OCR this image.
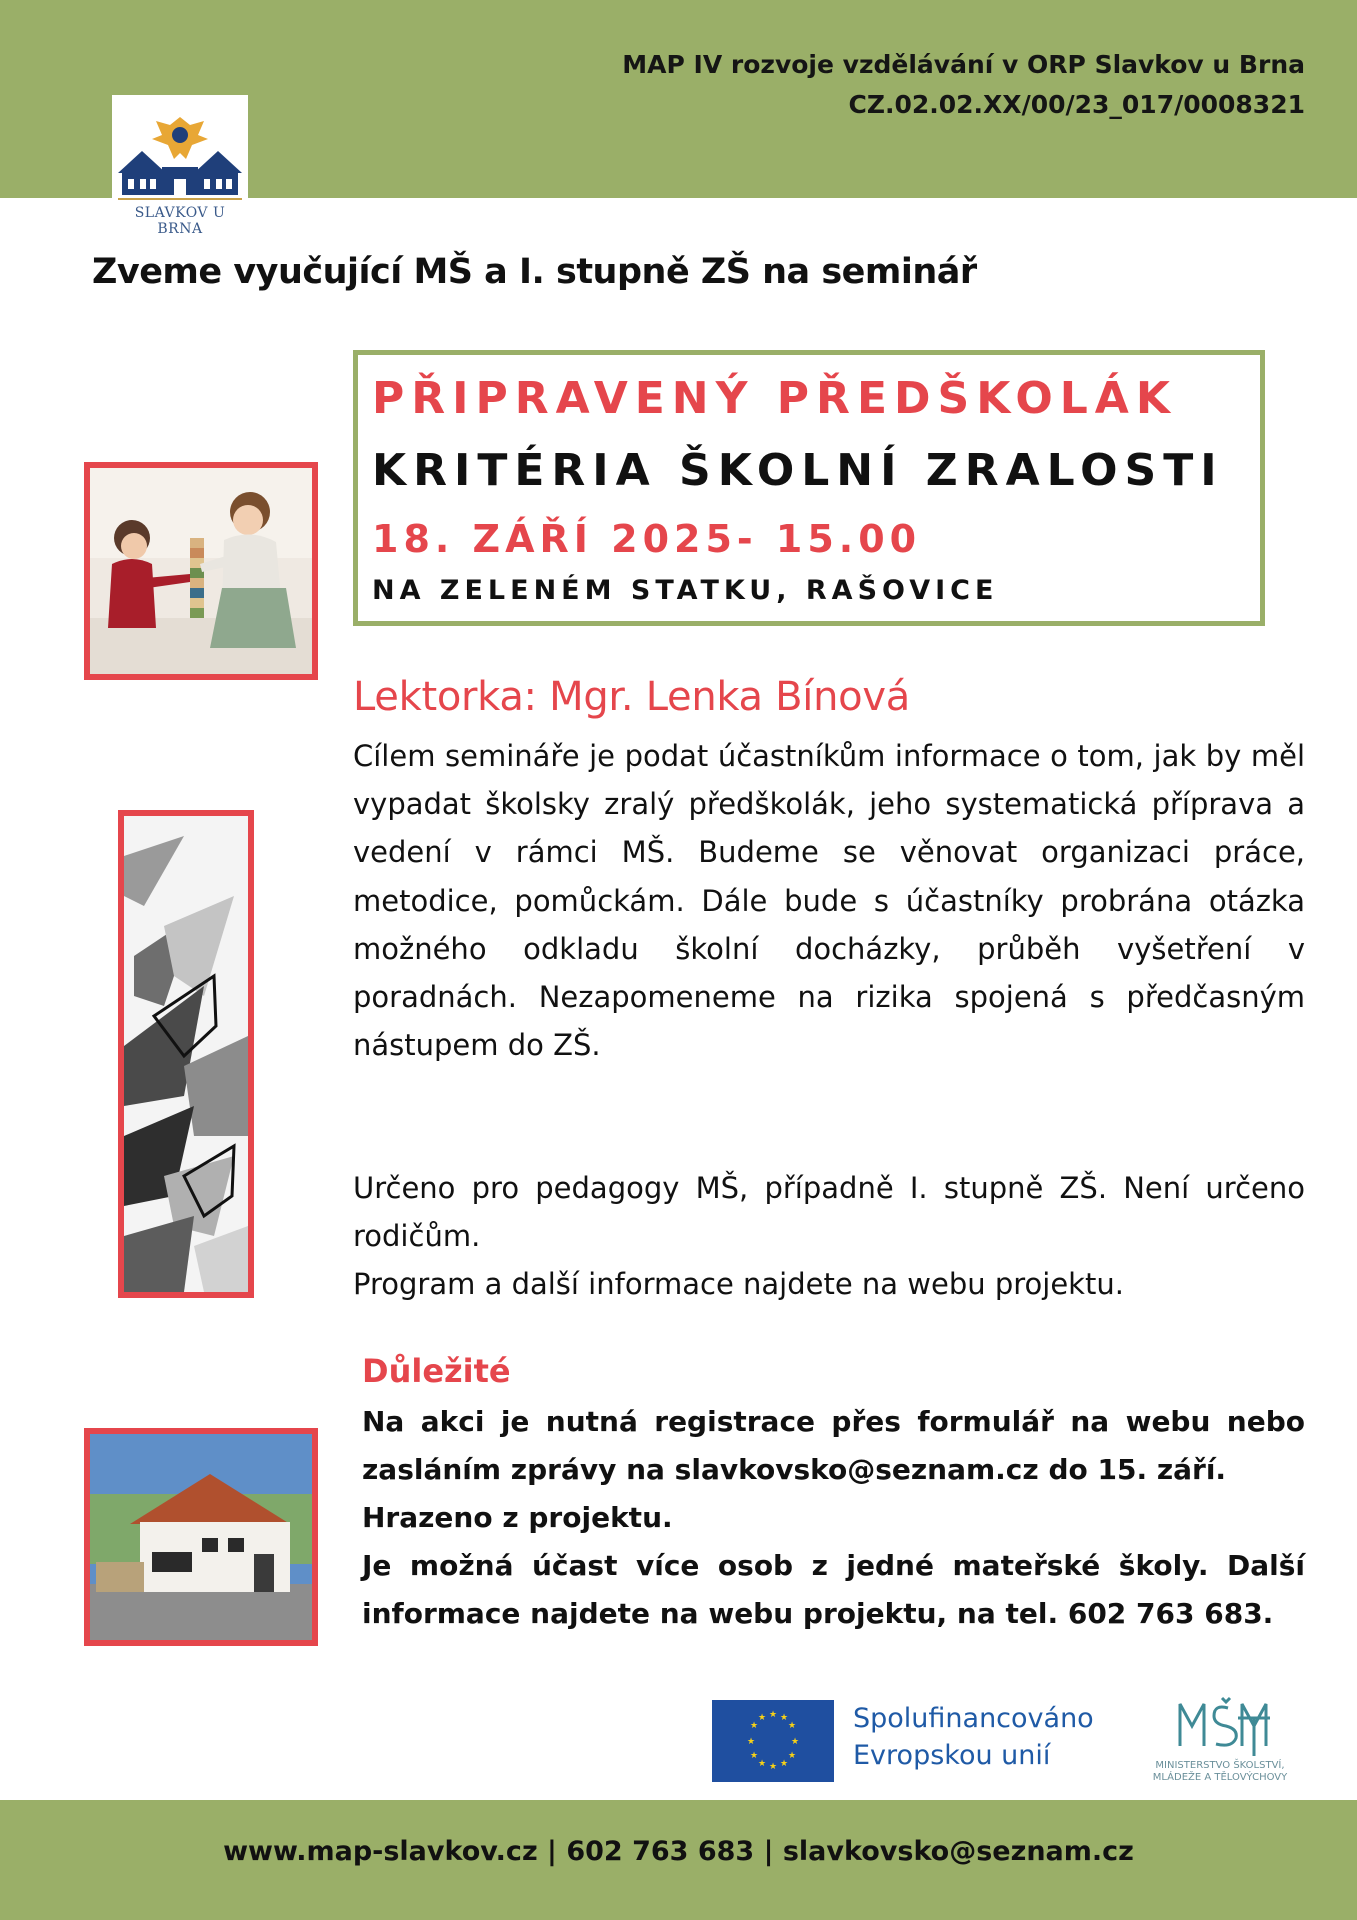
MAP IV rozvoje vzdělávání v ORP Slavkov u Brna
CZ.02.02.XX/00/23_017/0008321
SLAVKOV U BRNA
Zveme vyučující MŠ a I. stupně ZŠ na seminář
PŘIPRAVENÝ PŘEDŠKOLÁK
KRITÉRIA ŠKOLNÍ ZRALOSTI
18. ZÁŘÍ 2025- 15.00
NA ZELENÉM STATKU, RAŠOVICE
Lektorka: Mgr. Lenka Bínová
Cílem semináře je podat účastníkům informace o tom, jak by měl vypadat školsky zralý předškolák, jeho systematická příprava a vedení v rámci MŠ. Budeme se věnovat organizaci práce, metodice, pomůckám. Dále bude s účastníky probrána otázka možného odkladu školní docházky, průběh vyšetření v poradnách. Nezapomeneme na rizika spojená s předčasným nástupem do ZŠ.
Určeno pro pedagogy MŠ, případně I. stupně ZŠ. Není určeno rodičům.
Program a další informace najdete na webu projektu.
Důležité
Na akci je nutná registrace přes formulář na webu nebo zasláním zprávy na slavkovsko@seznam.cz do 15. září.
Hrazeno z projektu.
Je možná účast více osob z jedné mateřské školy. Další informace najdete na webu projektu, na tel. 602 763 683.
★ ★
★
★
★
★
★
★
★
★
★
★	Spolufinancováno
Evropskou unií	MINISTERSTVO ŠKOLSTVÍ,
MLÁDEŽE A TĚLOVÝCHOVY
www.map-slavkov.cz | 602 763 683 | slavkovsko@seznam.cz
